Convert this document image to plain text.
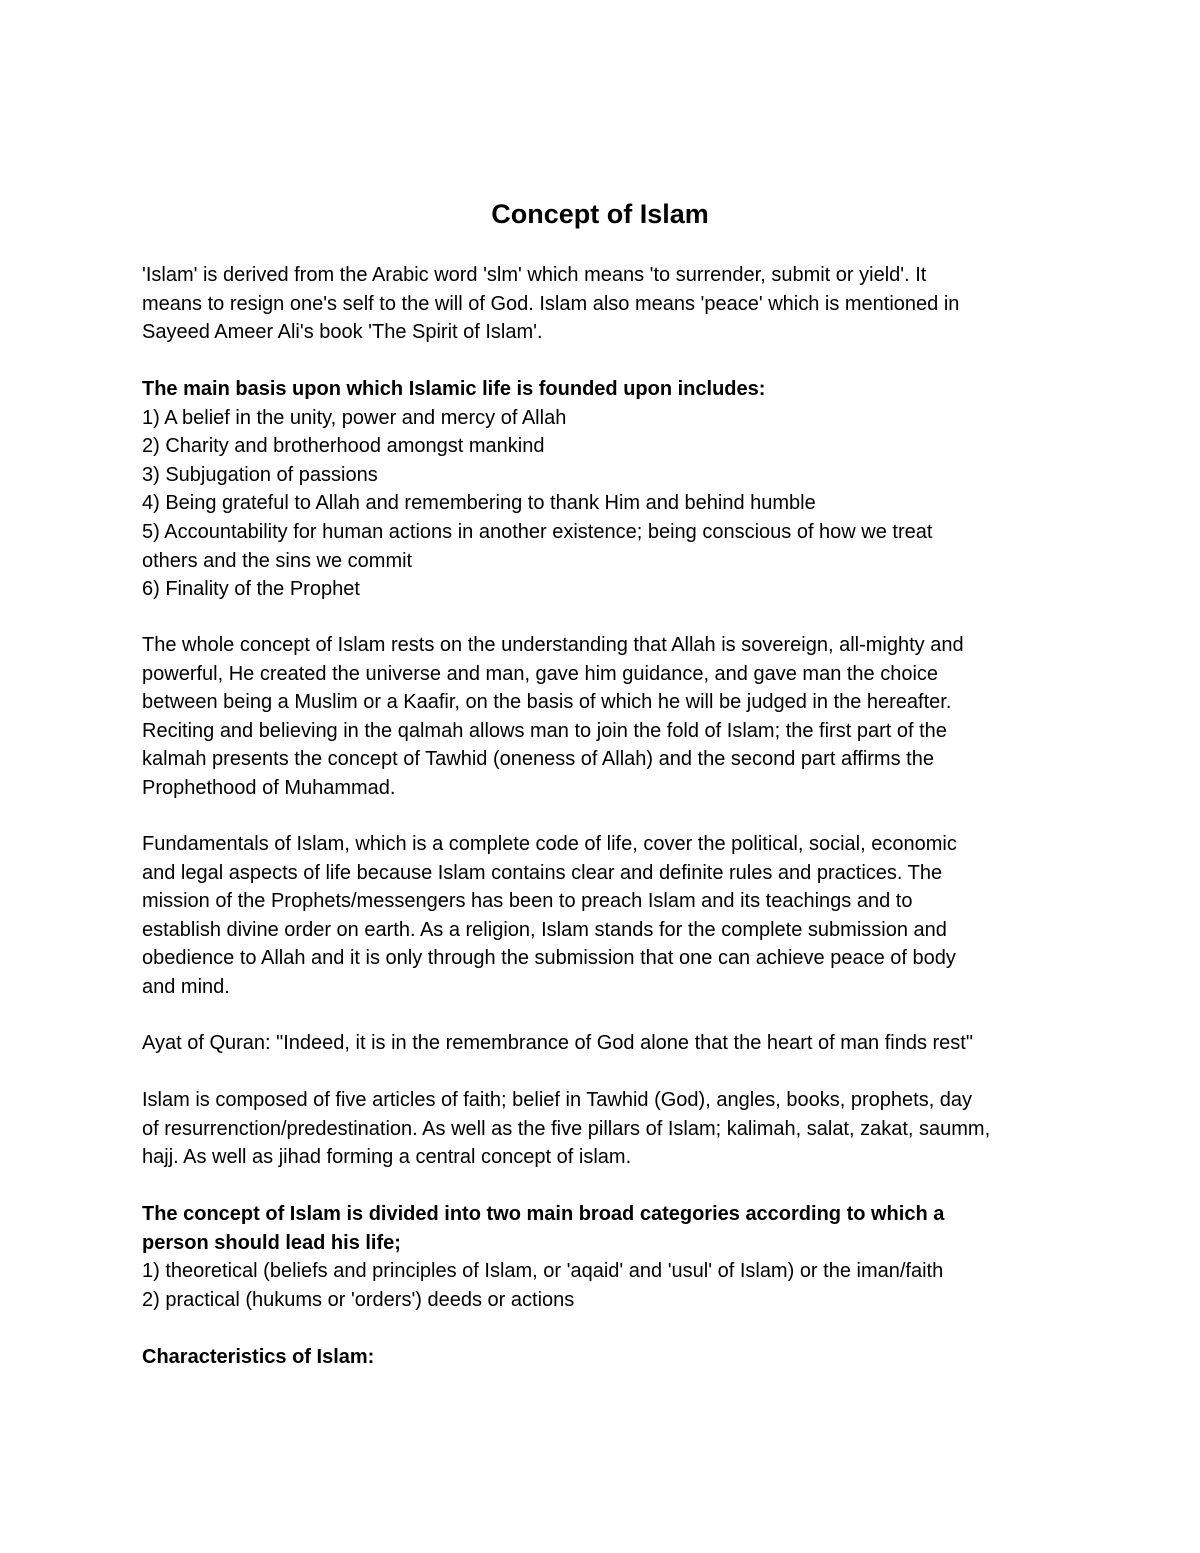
Concept of Islam

'Islam' is derived from the Arabic word 'slm' which means 'to surrender, submit or yield'. It
means to resign one's self to the will of God. Islam also means 'peace' which is mentioned in
Sayeed Ameer Ali's book 'The Spirit of Islam'.

The main basis upon which Islamic life is founded upon includes:
1) A belief in the unity, power and mercy of Allah
2) Charity and brotherhood amongst mankind
3) Subjugation of passions
4) Being grateful to Allah and remembering to thank Him and behind humble
5) Accountability for human actions in another existence; being conscious of how we treat
others and the sins we commit
6) Finality of the Prophet

The whole concept of Islam rests on the understanding that Allah is sovereign, all-mighty and
powerful, He created the universe and man, gave him guidance, and gave man the choice
between being a Muslim or a Kaafir, on the basis of which he will be judged in the hereafter.
Reciting and believing in the qalmah allows man to join the fold of Islam; the first part of the
kalmah presents the concept of Tawhid (oneness of Allah) and the second part affirms the
Prophethood of Muhammad.

Fundamentals of Islam, which is a complete code of life, cover the political, social, economic
and legal aspects of life because Islam contains clear and definite rules and practices. The
mission of the Prophets/messengers has been to preach Islam and its teachings and to
establish divine order on earth. As a religion, Islam stands for the complete submission and
obedience to Allah and it is only through the submission that one can achieve peace of body
and mind.

Ayat of Quran: "Indeed, it is in the remembrance of God alone that the heart of man finds rest"

Islam is composed of five articles of faith; belief in Tawhid (God), angles, books, prophets, day
of resurrenction/predestination. As well as the five pillars of Islam; kalimah, salat, zakat, saumm,
hajj. As well as jihad forming a central concept of islam.

The concept of Islam is divided into two main broad categories according to which a
person should lead his life;
1) theoretical (beliefs and principles of Islam, or 'aqaid' and 'usul' of Islam) or the iman/faith
2) practical (hukums or 'orders') deeds or actions

Characteristics of Islam:
